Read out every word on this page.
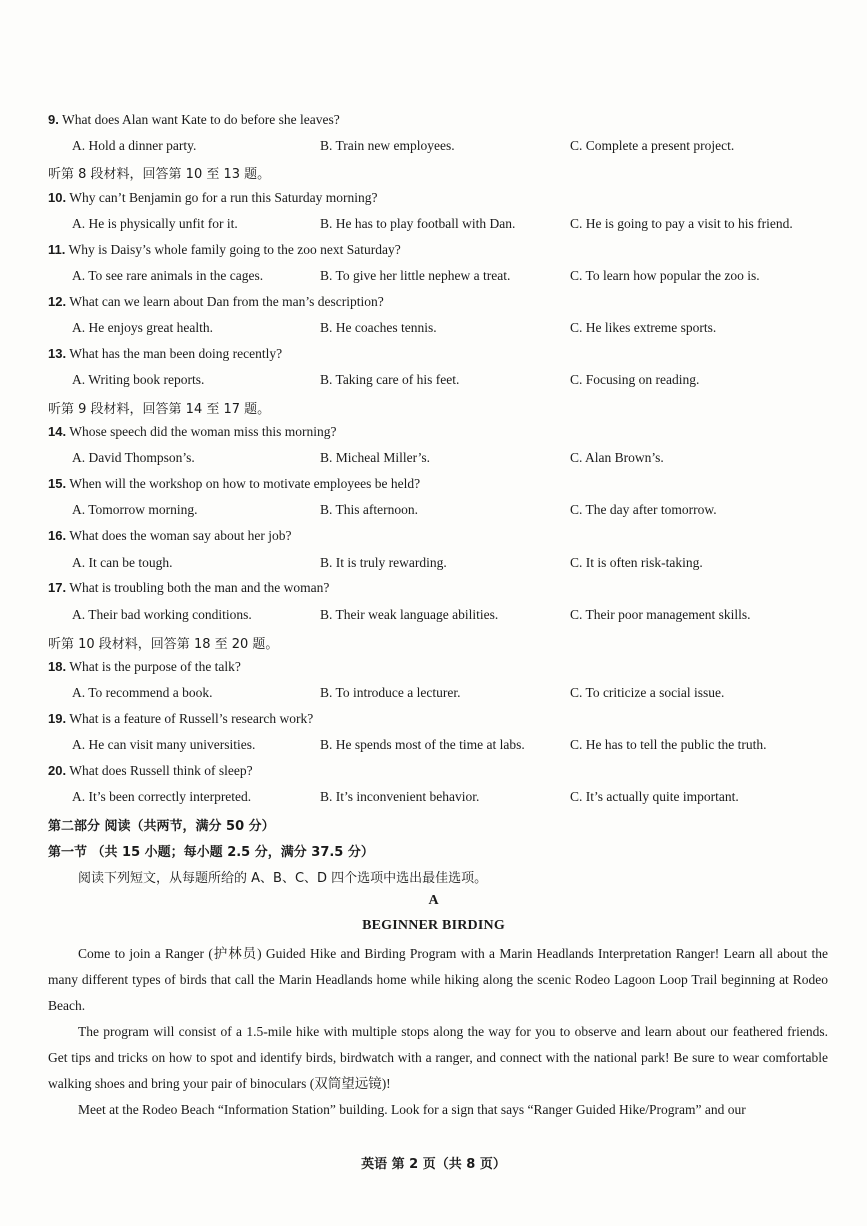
9. What does Alan want Kate to do before she leaves?
A. Hold a dinner party.	B. Train new employees.	C. Complete a present project.
听第 8 段材料，回答第 10 至 13 题。
10. Why can’t Benjamin go for a run this Saturday morning?
A. He is physically unfit for it.	B. He has to play football with Dan.	C. He is going to pay a visit to his friend.
11. Why is Daisy’s whole family going to the zoo next Saturday?
A. To see rare animals in the cages.	B. To give her little nephew a treat.	C. To learn how popular the zoo is.
12. What can we learn about Dan from the man’s description?
A. He enjoys great health.	B. He coaches tennis.	C. He likes extreme sports.
13. What has the man been doing recently?
A. Writing book reports.	B. Taking care of his feet.	C. Focusing on reading.
听第 9 段材料，回答第 14 至 17 题。
14. Whose speech did the woman miss this morning?
A. David Thompson’s.	B. Micheal Miller’s.	C. Alan Brown’s.
15. When will the workshop on how to motivate employees be held?
A. Tomorrow morning.	B. This afternoon.	C. The day after tomorrow.
16. What does the woman say about her job?
A. It can be tough.	B. It is truly rewarding.	C. It is often risk-taking.
17. What is troubling both the man and the woman?
A. Their bad working conditions.	B. Their weak language abilities.	C. Their poor management skills.
听第 10 段材料，回答第 18 至 20 题。
18. What is the purpose of the talk?
A. To recommend a book.	B. To introduce a lecturer.	C. To criticize a social issue.
19. What is a feature of Russell’s research work?
A. He can visit many universities.	B. He spends most of the time at labs.	C. He has to tell the public the truth.
20. What does Russell think of sleep?
A. It’s been correctly interpreted.	B. It’s inconvenient behavior.	C. It’s actually quite important.
第二部分 阅读（共两节，满分 50 分）
第一节 （共 15 小题；每小题 2.5 分，满分 37.5 分）
阅读下列短文，从每题所给的 A、B、C、D 四个选项中选出最佳选项。
A
BEGINNER BIRDING
Come to join a Ranger (护林员) Guided Hike and Birding Program with a Marin Headlands Interpretation Ranger! Learn all about the many different types of birds that call the Marin Headlands home while hiking along the scenic Rodeo Lagoon Loop Trail beginning at Rodeo Beach.
The program will consist of a 1.5-mile hike with multiple stops along the way for you to observe and learn about our feathered friends. Get tips and tricks on how to spot and identify birds, birdwatch with a ranger, and connect with the national park! Be sure to wear comfortable walking shoes and bring your pair of binoculars (双筒望远镜)!
Meet at the Rodeo Beach “Information Station” building. Look for a sign that says “Ranger Guided Hike/Program” and our
英语 第 2 页（共 8 页）
